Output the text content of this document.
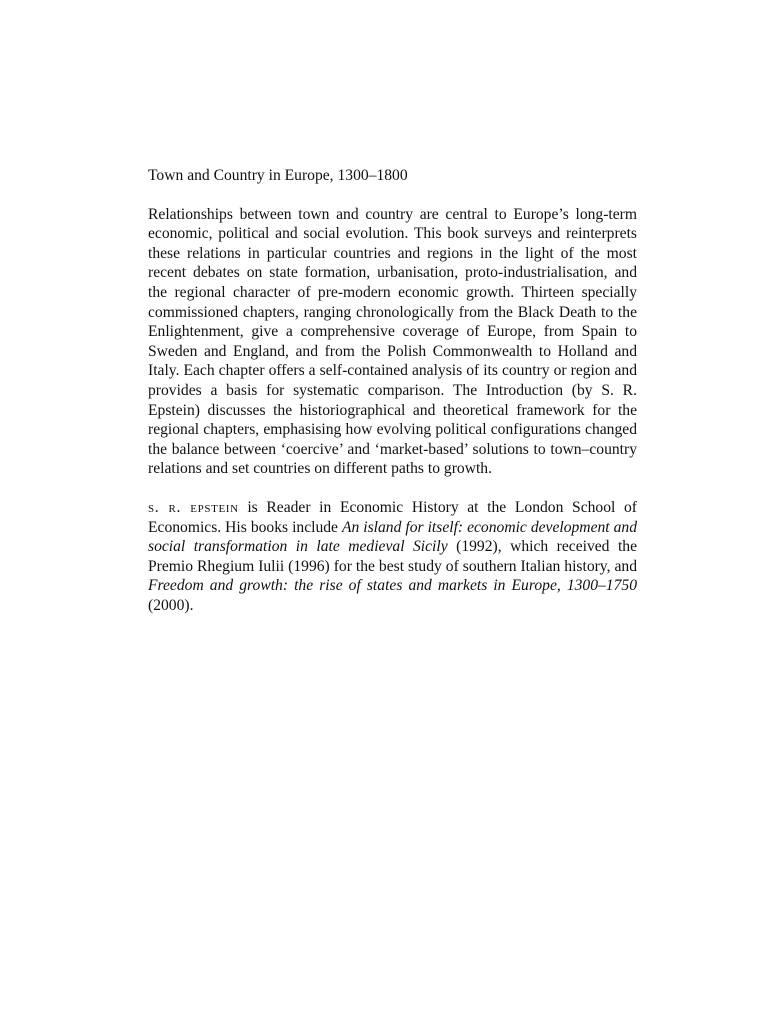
Town and Country in Europe, 1300–1800

Relationships between town and country are central to Europe’s long-term economic, political and social evolution. This book surveys and reinterprets these relations in particular countries and regions in the light of the most recent debates on state formation, urbanisation, proto-industrialisation, and the regional character of pre-modern economic growth. Thirteen specially commissioned chapters, ranging chronologically from the Black Death to the Enlightenment, give a comprehensive coverage of Europe, from Spain to Sweden and England, and from the Polish Commonwealth to Holland and Italy. Each chapter offers a self-contained analysis of its country or region and provides a basis for systematic comparison. The Introduction (by S. R. Epstein) discusses the historiographical and theoretical framework for the regional chapters, emphasising how evolving political configurations changed the balance between ‘coercive’ and ‘market-based’ solutions to town–country relations and set countries on different paths to growth.

s. r. epstein is Reader in Economic History at the London School of Economics. His books include An island for itself: economic development and social transformation in late medieval Sicily (1992), which received the Premio Rhegium Iulii (1996) for the best study of southern Italian history, and Freedom and growth: the rise of states and markets in Europe, 1300–1750 (2000).
